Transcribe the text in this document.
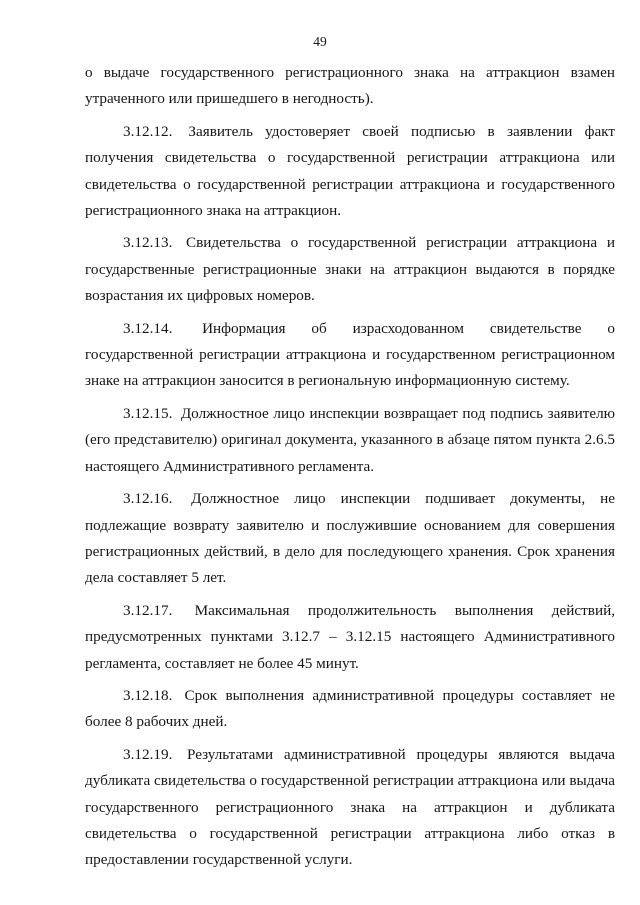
49

о выдаче государственного регистрационного знака на аттракцион взамен утраченного или пришедшего в негодность).

3.12.12. Заявитель удостоверяет своей подписью в заявлении факт получения свидетельства о государственной регистрации аттракциона или свидетельства о государственной регистрации аттракциона и государственного регистрационного знака на аттракцион.

3.12.13. Свидетельства о государственной регистрации аттракциона и государственные регистрационные знаки на аттракцион выдаются в порядке возрастания их цифровых номеров.

3.12.14. Информация об израсходованном свидетельстве о государственной регистрации аттракциона и государственном регистрационном знаке на аттракцион заносится в региональную информационную систему.

3.12.15. Должностное лицо инспекции возвращает под подпись заявителю (его представителю) оригинал документа, указанного в абзаце пятом пункта 2.6.5 настоящего Административного регламента.

3.12.16. Должностное лицо инспекции подшивает документы, не подлежащие возврату заявителю и послужившие основанием для совершения регистрационных действий, в дело для последующего хранения. Срок хранения дела составляет 5 лет.

3.12.17. Максимальная продолжительность выполнения действий, предусмотренных пунктами 3.12.7 – 3.12.15 настоящего Административного регламента, составляет не более 45 минут.

3.12.18. Срок выполнения административной процедуры составляет не более 8 рабочих дней.

3.12.19. Результатами административной процедуры являются выдача дубликата свидетельства о государственной регистрации аттракциона или выдача государственного регистрационного знака на аттракцион и дубликата свидетельства о государственной регистрации аттракциона либо отказ в предоставлении государственной услуги.
